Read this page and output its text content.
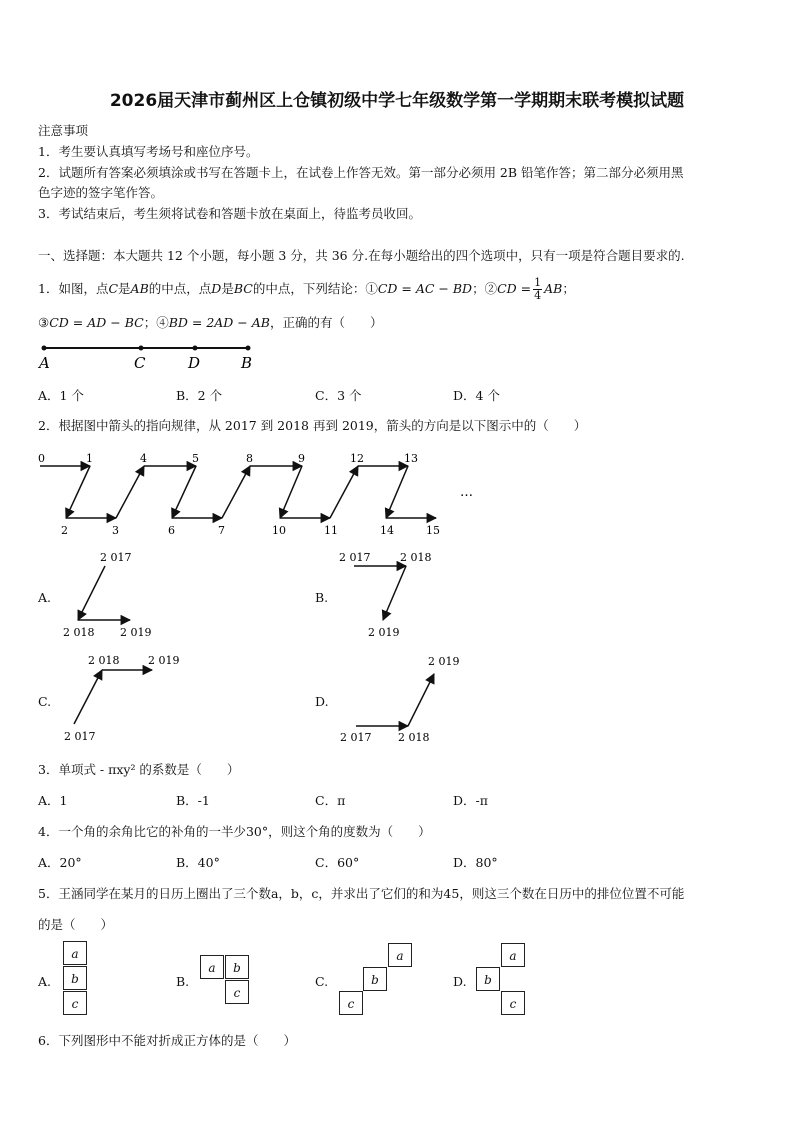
2026届天津市蓟州区上仓镇初级中学七年级数学第一学期期末联考模拟试题
注意事项
1．考生要认真填写考场号和座位序号。
2．试题所有答案必须填涂或书写在答题卡上，在试卷上作答无效。第一部分必须用 2B 铅笔作答；第二部分必须用黑
色字迹的签字笔作答。
3．考试结束后，考生须将试卷和答题卡放在桌面上，待监考员收回。
一、选择题：本大题共 12 个小题，每小题 3 分，共 36 分.在每小题给出的四个选项中，只有一项是符合题目要求的.
1．如图，点C是AB的中点，点D是BC的中点，下列结论：①CD = AC − BD；②CD = $\frac{1}{4}$ AB；
③CD = AD − BC；④BD = 2AD − AB，正确的有（　　）
A	C	D	B
A．1 个	B．2 个	C．3 个	D．4 个
2．根据图中箭头的指向规律，从 2017 到 2018 再到 2019，箭头的方向是以下图示中的（　　）
0	1
2	3
4	5
6	7
8	9
10	11
12	13
14	15
…
A.
2 017
2 018 2 019
B.
2 017	2 018
2 019
C.
2 018	2 019
2 017
D.
2 019
2 017 2 018
3．单项式 - πxy² 的系数是（　　）
A．1	B．-1	C．π	D．-π
4．一个角的余角比它的补角的一半少30°，则这个角的度数为（　　）
A．20°	B．40°	C．60°	D．80°
5．王涵同学在某月的日历上圈出了三个数a，b，c，并求出了它们的和为45，则这三个数在日历中的排位位置不可能
的是（　　）
A.
a
b
c
B.
a	b
c
C.
a
b
c
D.
a
b
c
6．下列图形中不能对折成正方体的是（　　）
